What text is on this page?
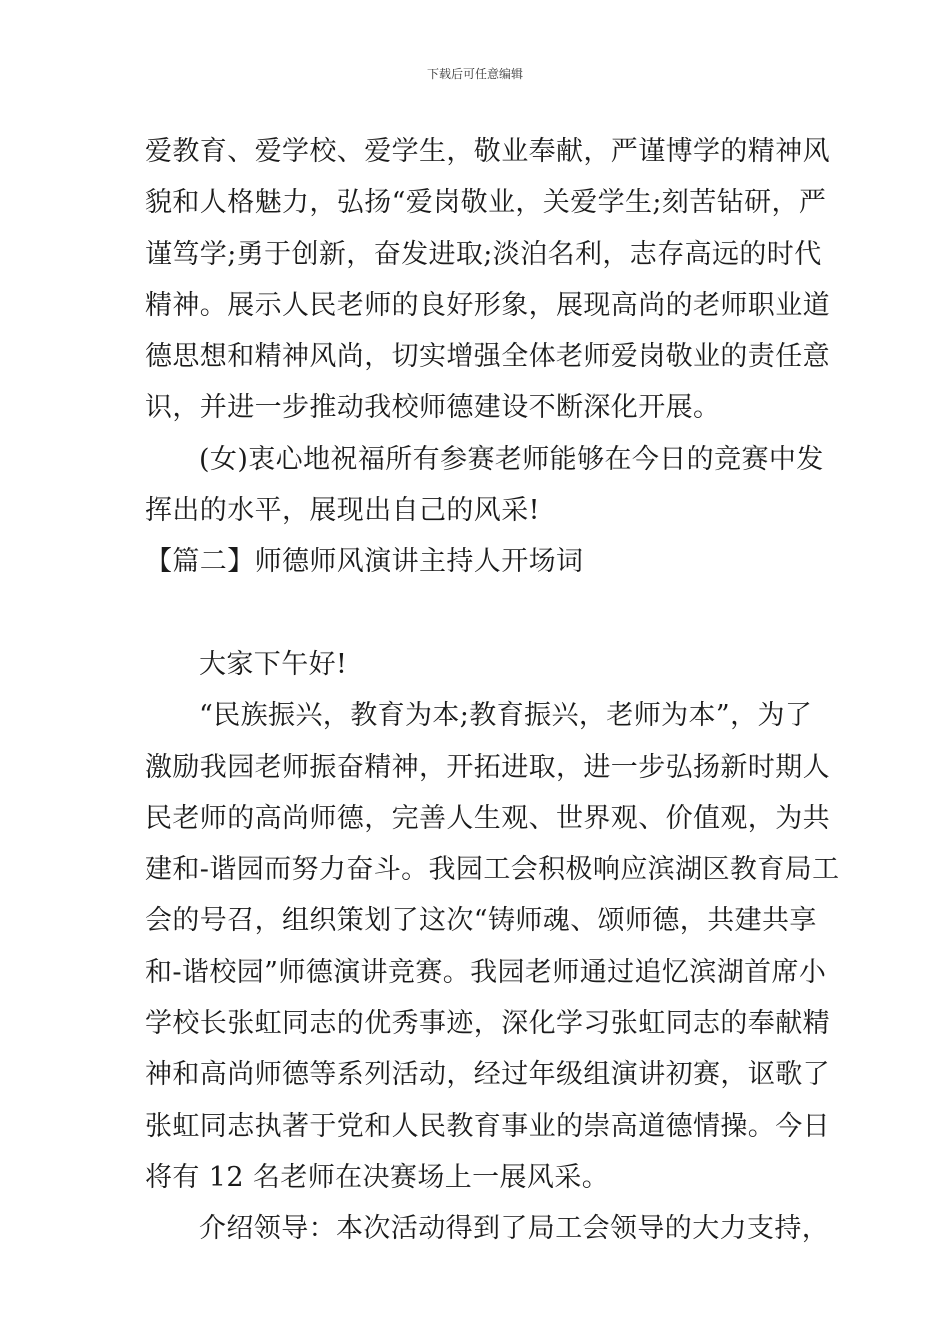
下载后可任意编辑
爱教育、爱学校、爱学生，敬业奉献，严谨博学的精神风
貌和人格魅力，弘扬“爱岗敬业，关爱学生;刻苦钻研，严
谨笃学;勇于创新，奋发进取;淡泊名利，志存高远的时代
精神。展示人民老师的良好形象，展现高尚的老师职业道
德思想和精神风尚，切实增强全体老师爱岗敬业的责任意
识，并进一步推动我校师德建设不断深化开展。
(女)衷心地祝福所有参赛老师能够在今日的竞赛中发
挥出的水平，展现出自己的风采!
【篇二】师德师风演讲主持人开场词
大家下午好!
“民族振兴，教育为本;教育振兴，老师为本”，为了
激励我园老师振奋精神，开拓进取，进一步弘扬新时期人
民老师的高尚师德，完善人生观、世界观、价值观，为共
建和-谐园而努力奋斗。我园工会积极响应滨湖区教育局工
会的号召，组织策划了这次“铸师魂、颂师德，共建共享
和-谐校园”师德演讲竞赛。我园老师通过追忆滨湖首席小
学校长张虹同志的优秀事迹，深化学习张虹同志的奉献精
神和高尚师德等系列活动，经过年级组演讲初赛，讴歌了
张虹同志执著于党和人民教育事业的崇高道德情操。今日
将有 12 名老师在决赛场上一展风采。
介绍领导：本次活动得到了局工会领导的大力支持，
